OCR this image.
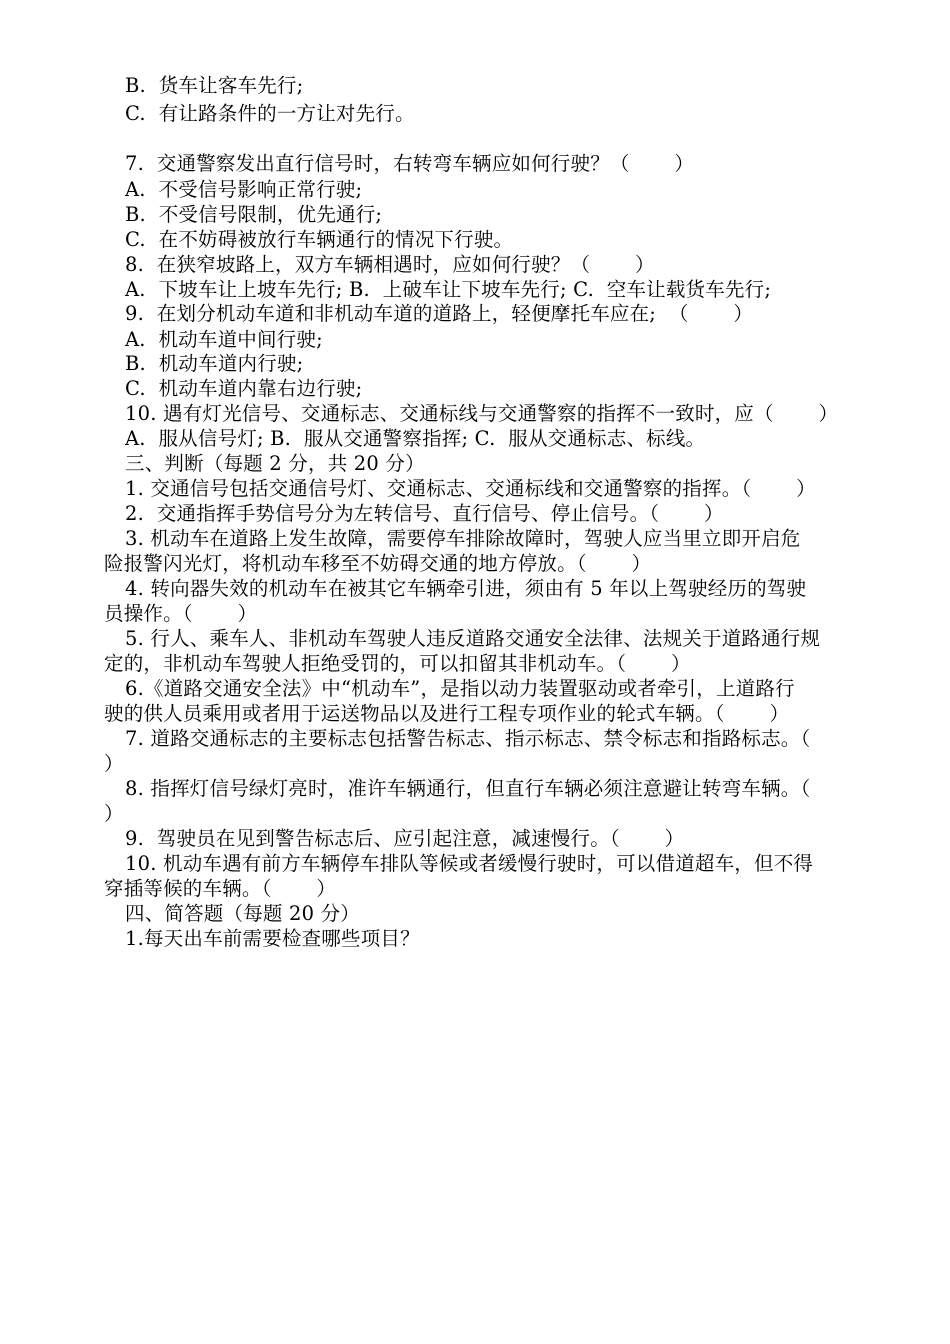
B.  货车让客车先行;
C.  有让路条件的一方让对先行。
7.  交通警察发出直行信号时，右转弯车辆应如何行驶？（       ）
A.  不受信号影响正常行驶;
B.  不受信号限制，优先通行;
C.  在不妨碍被放行车辆通行的情况下行驶。
8.  在狭窄坡路上，双方车辆相遇时，应如何行驶？（       ）
A.  下坡车让上坡车先行; B.  上破车让下坡车先行; C.  空车让载货车先行;
9.  在划分机动车道和非机动车道的道路上，轻便摩托车应在;  （       ）
A.  机动车道中间行驶;
B.  机动车道内行驶;
C.  机动车道内靠右边行驶;
10. 遇有灯光信号、交通标志、交通标线与交通警察的指挥不一致时，应（       ）
A.  服从信号灯; B.  服从交通警察指挥; C.  服从交通标志、标线。
三、判断（每题 2 分，共 20 分）
1. 交通信号包括交通信号灯、交通标志、交通标线和交通警察的指挥。（       ）
2.  交通指挥手势信号分为左转信号、直行信号、停止信号。（       ）
3. 机动车在道路上发生故障，需要停车排除故障时，驾驶人应当里立即开启危
险报警闪光灯，将机动车移至不妨碍交通的地方停放。（       ）
4. 转向器失效的机动车在被其它车辆牵引进，须由有 5 年以上驾驶经历的驾驶
员操作。（       ）
5. 行人、乘车人、非机动车驾驶人违反道路交通安全法律、法规关于道路通行规
定的，非机动车驾驶人拒绝受罚的，可以扣留其非机动车。（       ）
6.《道路交通安全法》中“机动车”，是指以动力装置驱动或者牵引，上道路行
驶的供人员乘用或者用于运送物品以及进行工程专项作业的轮式车辆。（       ）
7. 道路交通标志的主要标志包括警告标志、指示标志、禁令标志和指路标志。（
）
8. 指挥灯信号绿灯亮时，准许车辆通行，但直行车辆必须注意避让转弯车辆。（
）
9.  驾驶员在见到警告标志后、应引起注意，减速慢行。（       ）
10. 机动车遇有前方车辆停车排队等候或者缓慢行驶时，可以借道超车，但不得
穿插等候的车辆。（       ）
四、简答题（每题 20 分）
1.每天出车前需要检查哪些项目？
